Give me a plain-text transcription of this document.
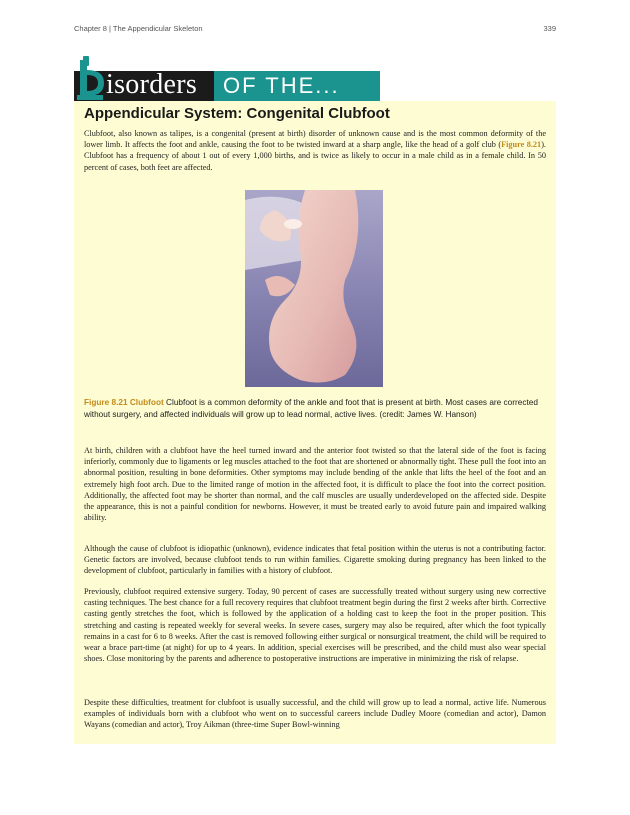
Chapter 8 | The Appendicular Skeleton	339
isorders OF THE...
Appendicular System: Congenital Clubfoot

Clubfoot, also known as talipes, is a congenital (present at birth) disorder of unknown cause and is the most common deformity of the lower limb. It affects the foot and ankle, causing the foot to be twisted inward at a sharp angle, like the head of a golf club (Figure 8.21). Clubfoot has a frequency of about 1 out of every 1,000 births, and is twice as likely to occur in a male child as in a female child. In 50 percent of cases, both feet are affected.

Figure 8.21 Clubfoot Clubfoot is a common deformity of the ankle and foot that is present at birth. Most cases are corrected without surgery, and affected individuals will grow up to lead normal, active lives. (credit: James W. Hanson)

At birth, children with a clubfoot have the heel turned inward and the anterior foot twisted so that the lateral side of the foot is facing inferiorly, commonly due to ligaments or leg muscles attached to the foot that are shortened or abnormally tight. These pull the foot into an abnormal position, resulting in bone deformities. Other symptoms may include bending of the ankle that lifts the heel of the foot and an extremely high foot arch. Due to the limited range of motion in the affected foot, it is difficult to place the foot into the correct position. Additionally, the affected foot may be shorter than normal, and the calf muscles are usually underdeveloped on the affected side. Despite the appearance, this is not a painful condition for newborns. However, it must be treated early to avoid future pain and impaired walking ability.

Although the cause of clubfoot is idiopathic (unknown), evidence indicates that fetal position within the uterus is not a contributing factor. Genetic factors are involved, because clubfoot tends to run within families. Cigarette smoking during pregnancy has been linked to the development of clubfoot, particularly in families with a history of clubfoot.

Previously, clubfoot required extensive surgery. Today, 90 percent of cases are successfully treated without surgery using new corrective casting techniques. The best chance for a full recovery requires that clubfoot treatment begin during the first 2 weeks after birth. Corrective casting gently stretches the foot, which is followed by the application of a holding cast to keep the foot in the proper position. This stretching and casting is repeated weekly for several weeks. In severe cases, surgery may also be required, after which the foot typically remains in a cast for 6 to 8 weeks. After the cast is removed following either surgical or nonsurgical treatment, the child will be required to wear a brace part-time (at night) for up to 4 years. In addition, special exercises will be prescribed, and the child must also wear special shoes. Close monitoring by the parents and adherence to postoperative instructions are imperative in minimizing the risk of relapse.

Despite these difficulties, treatment for clubfoot is usually successful, and the child will grow up to lead a normal, active life. Numerous examples of individuals born with a clubfoot who went on to successful careers include Dudley Moore (comedian and actor), Damon Wayans (comedian and actor), Troy Aikman (three-time Super Bowl-winning
